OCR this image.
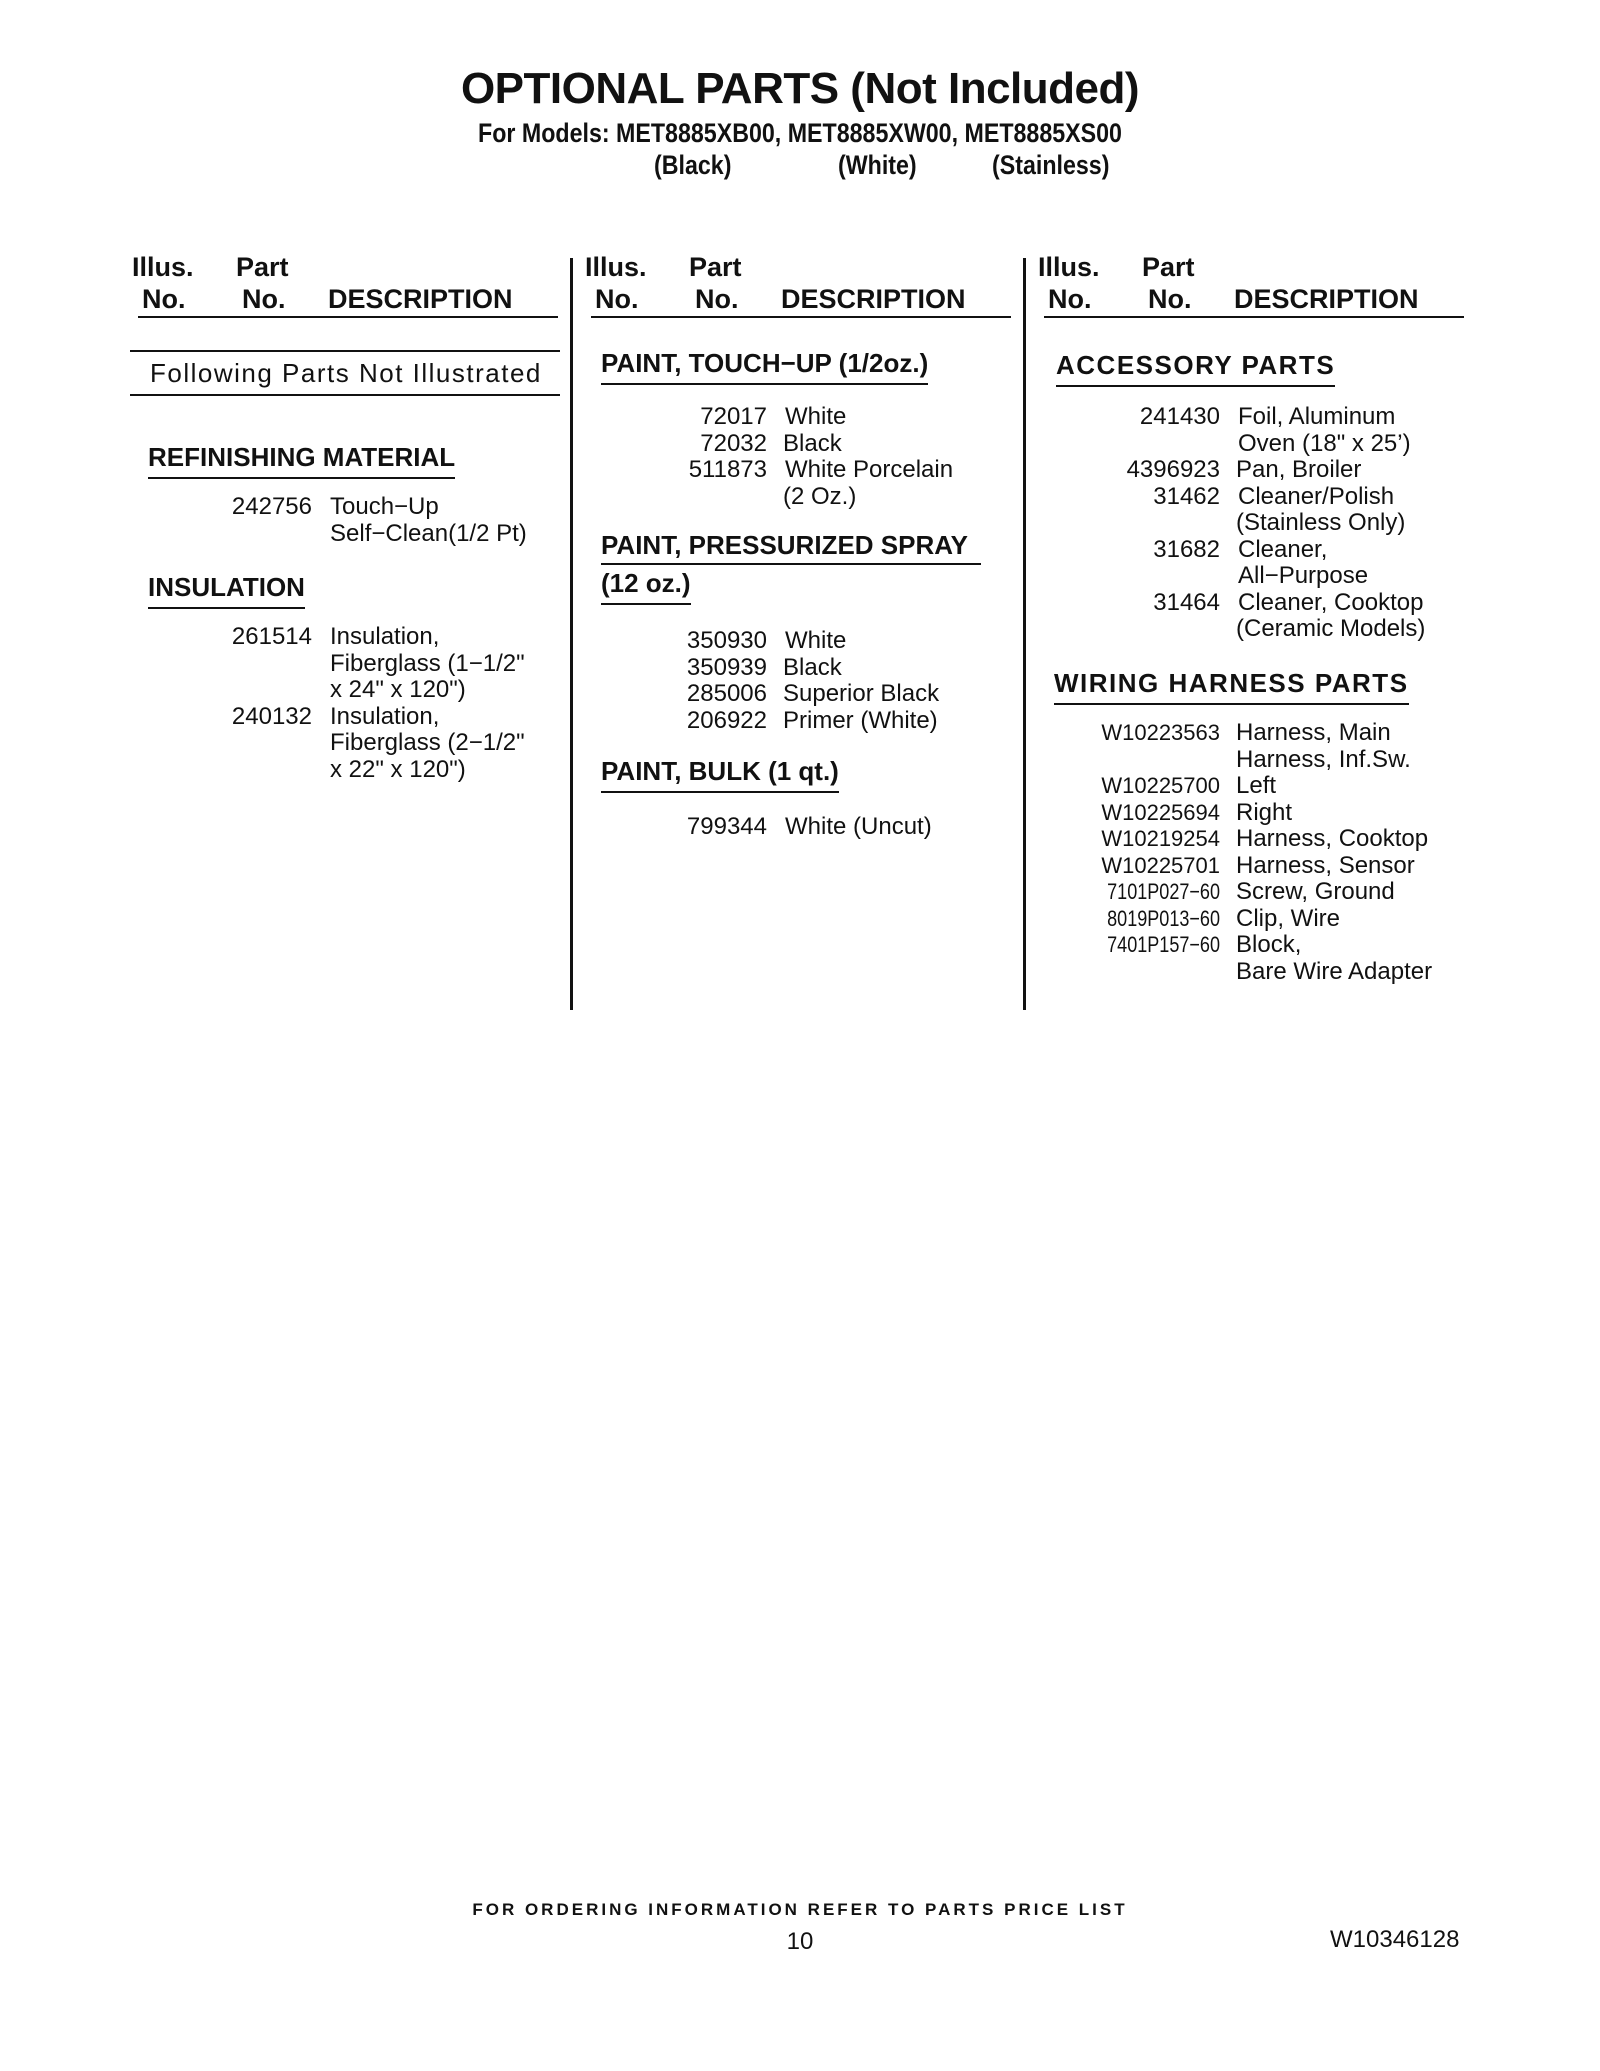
OPTIONAL PARTS (Not Included)
For Models: MET8885XB00, MET8885XW00, MET8885XS00
(Black)	(White)	(Stainless)
Illus.
No.
Part
No. DESCRIPTION
Following Parts Not Illustrated
REFINISHING MATERIAL
242756 Touch−Up
Self−Clean(1/2 Pt)
INSULATION
261514 Insulation,
Fiberglass (1−1/2"
x 24" x 120")
240132 Insulation,
Fiberglass (2−1/2"
x 22" x 120")
Illus.
No.
Part
No. DESCRIPTION
PAINT, TOUCH−UP (1/2oz.)
72017 White
72032 Black
511873 White Porcelain
(2 Oz.)
PAINT, PRESSURIZED SPRAY
(12 oz.)
350930 White
350939 Black
285006 Superior Black
206922 Primer (White)
PAINT, BULK (1 qt.)
799344 White (Uncut)
Illus.
No.
Part
No. DESCRIPTION
ACCESSORY PARTS
241430 Foil, Aluminum
Oven (18" x 25’)
4396923 Pan, Broiler
31462 Cleaner/Polish
(Stainless Only)
31682 Cleaner,
All−Purpose
31464 Cleaner, Cooktop
(Ceramic Models)
WIRING HARNESS PARTS
W10223563 Harness, Main
Harness, Inf.Sw.
W10225700 Left
W10225694 Right
W10219254 Harness, Cooktop
W10225701 Harness, Sensor
7101P027−60 Screw, Ground
8019P013−60 Clip, Wire
7401P157−60 Block,
Bare Wire Adapter
FOR ORDERING INFORMATION REFER TO PARTS PRICE LIST
10	W10346128
